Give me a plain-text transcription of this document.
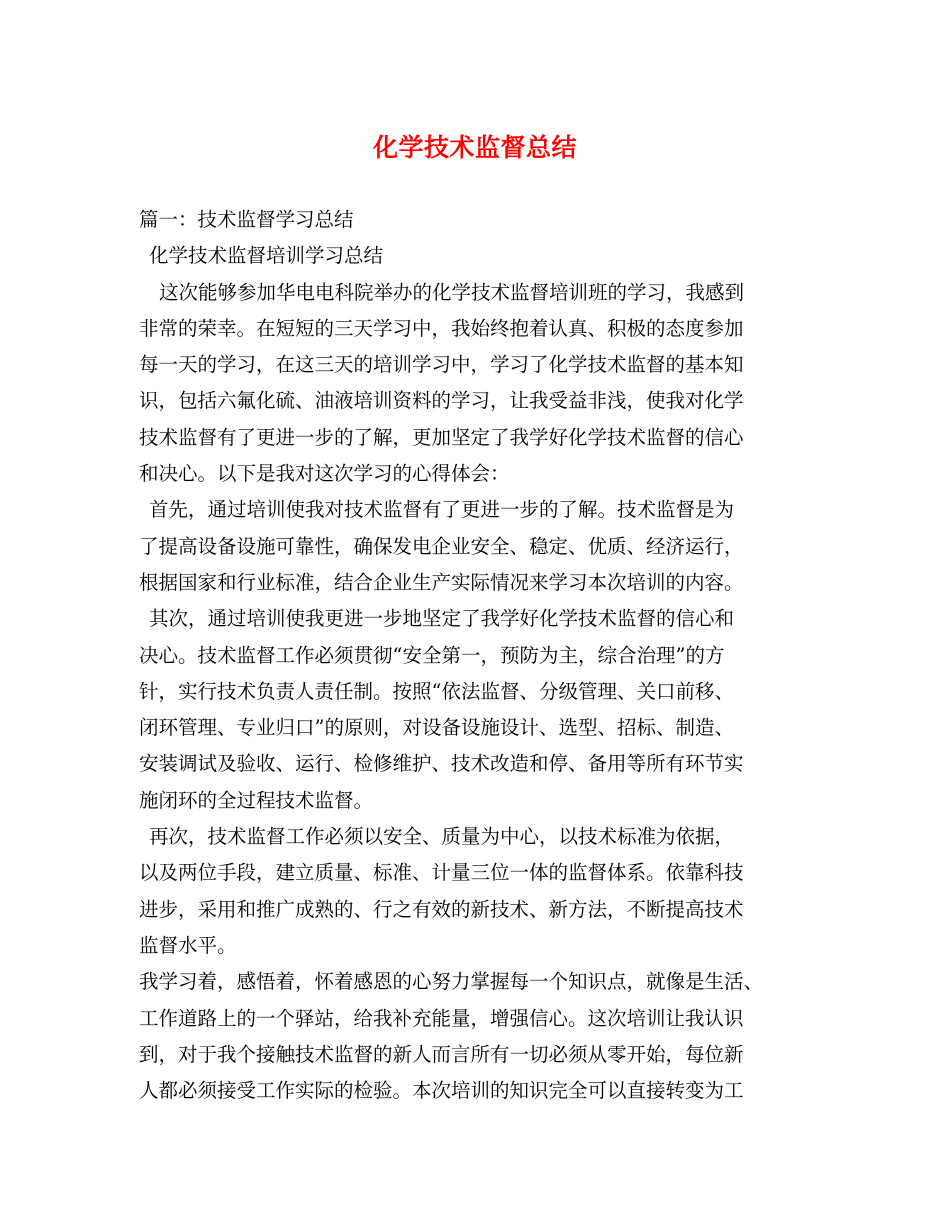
化学技术监督总结
篇一：技术监督学习总结
化学技术监督培训学习总结
这次能够参加华电电科院举办的化学技术监督培训班的学习，我感到
非常的荣幸。在短短的三天学习中，我始终抱着认真、积极的态度参加
每一天的学习，在这三天的培训学习中，学习了化学技术监督的基本知
识，包括六氟化硫、油液培训资料的学习，让我受益非浅，使我对化学
技术监督有了更进一步的了解，更加坚定了我学好化学技术监督的信心
和决心。以下是我对这次学习的心得体会：
首先，通过培训使我对技术监督有了更进一步的了解。技术监督是为
了提高设备设施可靠性，确保发电企业安全、稳定、优质、经济运行，
根据国家和行业标准，结合企业生产实际情况来学习本次培训的内容。
其次，通过培训使我更进一步地坚定了我学好化学技术监督的信心和
决心。技术监督工作必须贯彻“安全第一，预防为主，综合治理”的方
针，实行技术负责人责任制。按照“依法监督、分级管理、关口前移、
闭环管理、专业归口”的原则，对设备设施设计、选型、招标、制造、
安装调试及验收、运行、检修维护、技术改造和停、备用等所有环节实
施闭环的全过程技术监督。
再次，技术监督工作必须以安全、质量为中心，以技术标准为依据，
以及两位手段，建立质量、标准、计量三位一体的监督体系。依靠科技
进步，采用和推广成熟的、行之有效的新技术、新方法，不断提高技术
监督水平。
我学习着，感悟着，怀着感恩的心努力掌握每一个知识点，就像是生活、
工作道路上的一个驿站，给我补充能量，增强信心。这次培训让我认识
到，对于我个接触技术监督的新人而言所有一切必须从零开始，每位新
人都必须接受工作实际的检验。本次培训的知识完全可以直接转变为工
